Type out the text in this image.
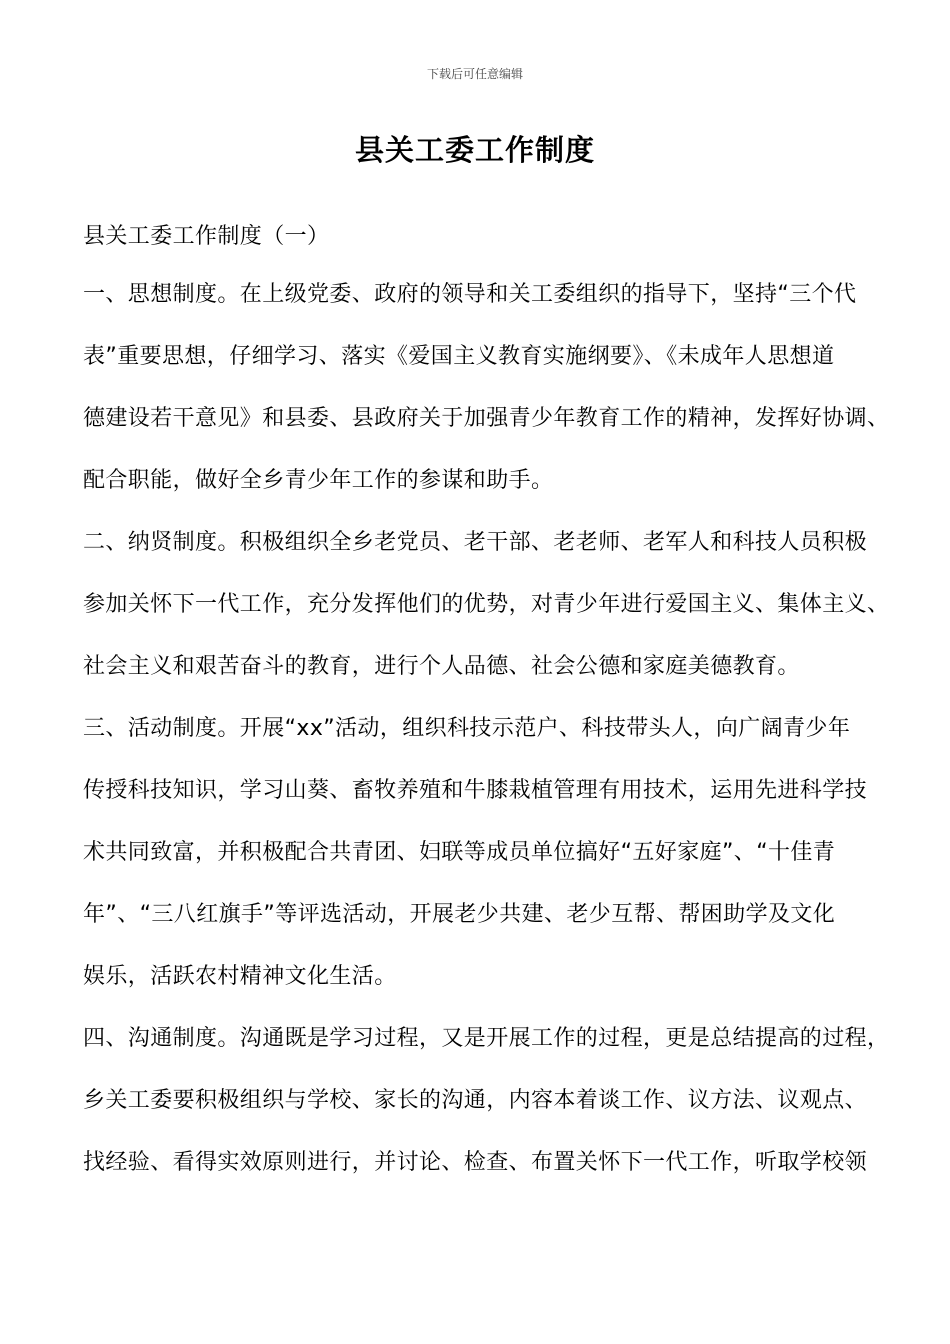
下载后可任意编辑
县关工委工作制度
县关工委工作制度（一）
一、思想制度。在上级党委、政府的领导和关工委组织的指导下，坚持“三个代
表”重要思想，仔细学习、落实《爱国主义教育实施纲要》、《未成年人思想道
德建设若干意见》和县委、县政府关于加强青少年教育工作的精神，发挥好协调、
配合职能，做好全乡青少年工作的参谋和助手。
二、纳贤制度。积极组织全乡老党员、老干部、老老师、老军人和科技人员积极
参加关怀下一代工作，充分发挥他们的优势，对青少年进行爱国主义、集体主义、
社会主义和艰苦奋斗的教育，进行个人品德、社会公德和家庭美德教育。
三、活动制度。开展“xx”活动，组织科技示范户、科技带头人，向广阔青少年
传授科技知识，学习山葵、畜牧养殖和牛膝栽植管理有用技术，运用先进科学技
术共同致富，并积极配合共青团、妇联等成员单位搞好“五好家庭”、“十佳青
年”、“三八红旗手”等评选活动，开展老少共建、老少互帮、帮困助学及文化
娱乐，活跃农村精神文化生活。
四、沟通制度。沟通既是学习过程，又是开展工作的过程，更是总结提高的过程，
乡关工委要积极组织与学校、家长的沟通，内容本着谈工作、议方法、议观点、
找经验、看得实效原则进行，并讨论、检查、布置关怀下一代工作，听取学校领
